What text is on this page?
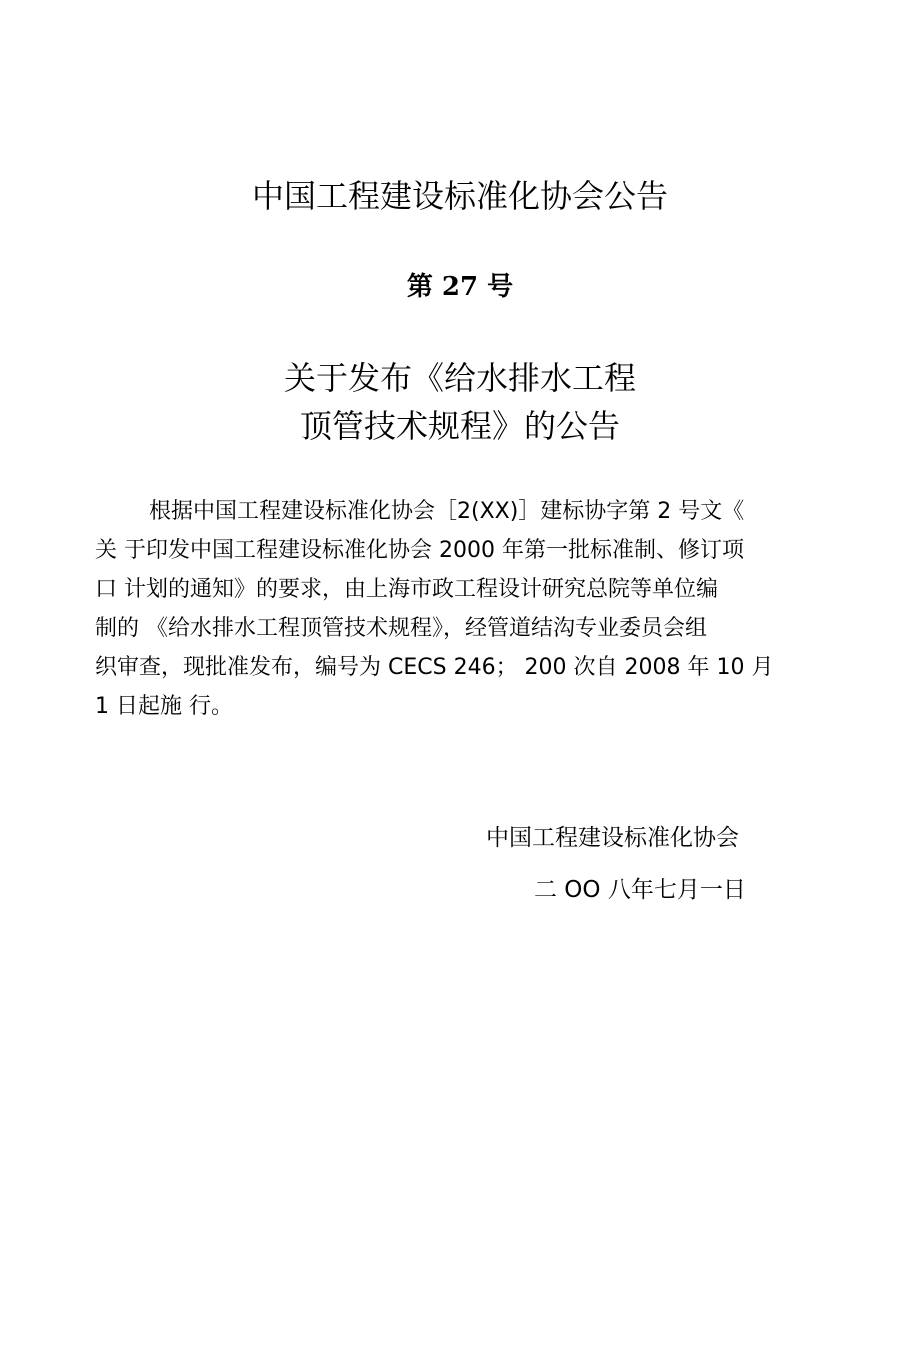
中国工程建设标准化协会公告
第 27 号
关于发布《给水排水工程
顶管技术规程》的公告
根据中国工程建设标准化协会［2(XX)］建标协字第 2 号文《
关 于印发中国工程建设标准化协会 2000 年第一批标准制、修订项
口 计划的通知》的要求，由上海市政工程设计研究总院等单位编
制的 《给水排水工程顶管技术规程》，经管道结沟专业委员会组
织审查，现批准发布，编号为 CECS 246； 200 次自 2008 年 10 月
1 日起施 行。
中国工程建设标准化协会
二 OO 八年七月一日
